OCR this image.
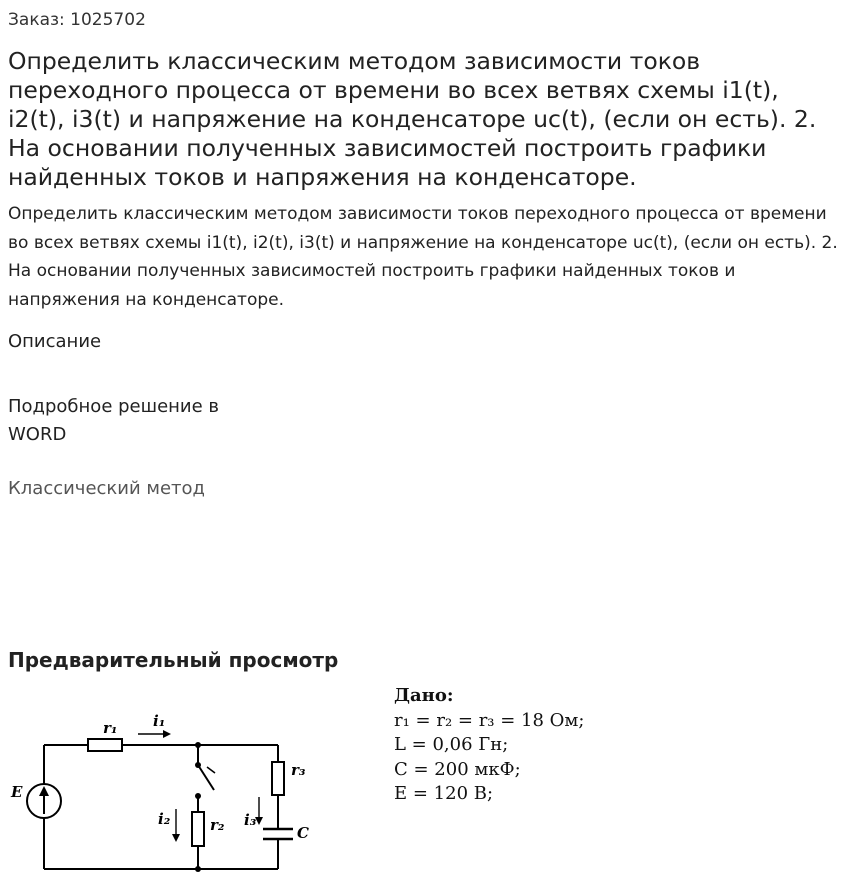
Заказ: 1025702
Определить классическим методом зависимости токов переходного процесса от времени во всех ветвях схемы i1(t), i2(t), i3(t) и напряжение на конденсаторе uc(t), (если он есть). 2. На основании полученных зависимостей построить графики найденных токов и напряжения на конденсаторе.

Определить классическим методом зависимости токов переходного процесса от времени во всех ветвях схемы i1(t), i2(t), i3(t) и напряжение на конденсаторе uc(t), (если он есть). 2. На основании полученных зависимостей построить графики найденных токов и напряжения на конденсаторе.

Описание
Подробное решение в WORD
Классический метод
Предварительный просмотр
E
r₁ i₁
i₂	r₂
r₃
i₃
C
Дано:
r₁ = r₂ = r₃ = 18 Ом;
L = 0,06 Гн;
C = 200 мкФ;
E = 120 В;
